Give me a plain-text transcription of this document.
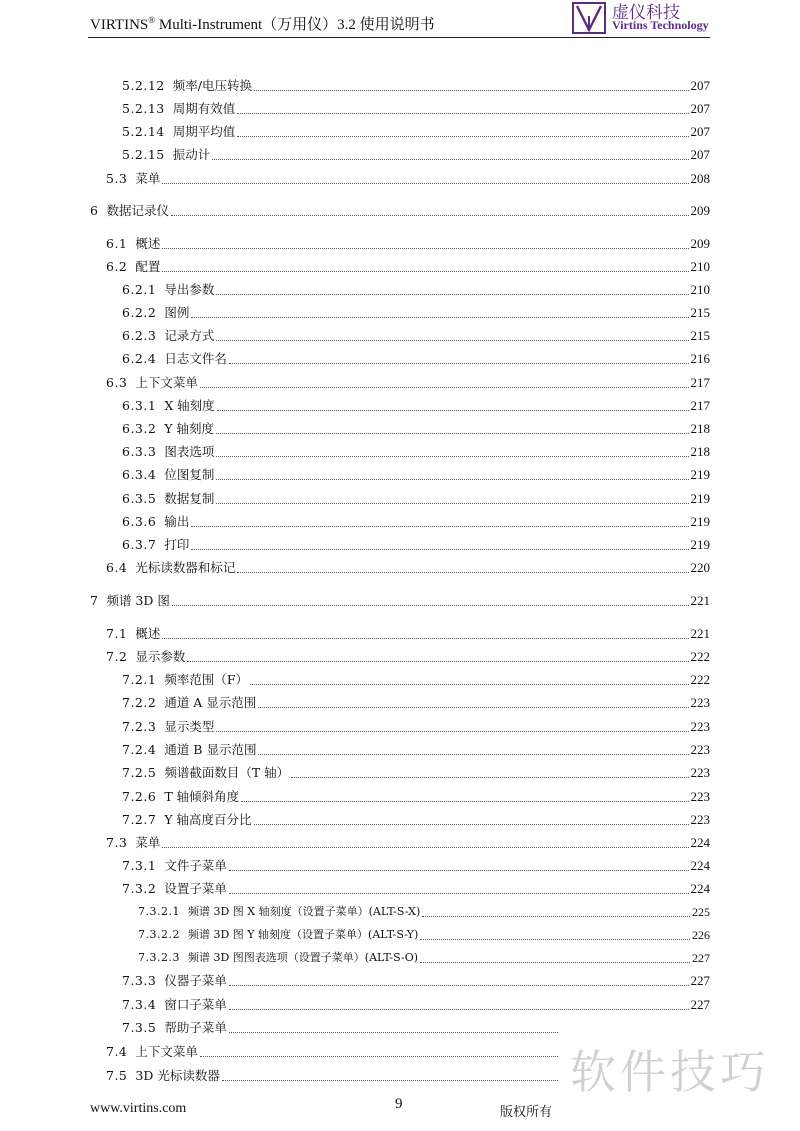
VIRTINS® Multi-Instrument（万用仪）3.2 使用说明书
虚仪科技
Virtins Technology
5.2.12 频率/电压转换	207
5.2.13 周期有效值	207
5.2.14 周期平均值	207
5.2.15 振动计	207
5.3 菜单	208
6 数据记录仪	209
6.1 概述	209
6.2 配置	210
6.2.1 导出参数	210
6.2.2 图例	215
6.2.3 记录方式	215
6.2.4 日志文件名	216
6.3 上下文菜单	217
6.3.1 X 轴刻度	217
6.3.2 Y 轴刻度	218
6.3.3 图表选项	218
6.3.4 位图复制	219
6.3.5 数据复制	219
6.3.6 输出	219
6.3.7 打印	219
6.4 光标读数器和标记	220
7 频谱 3D 图	221
7.1 概述	221
7.2 显示参数	222
7.2.1 频率范围（F）	222
7.2.2 通道 A 显示范围	223
7.2.3 显示类型	223
7.2.4 通道 B 显示范围	223
7.2.5 频谱截面数目（T 轴）	223
7.2.6 T 轴倾斜角度	223
7.2.7 Y 轴高度百分比	223
7.3 菜单	224
7.3.1 文件子菜单	224
7.3.2 设置子菜单	224
7.3.2.1 频谱 3D 图 X 轴刻度（设置子菜单）(ALT-S-X)	225
7.3.2.2 频谱 3D 图 Y 轴刻度（设置子菜单）(ALT-S-Y)	226
7.3.2.3 频谱 3D 图图表选项（设置子菜单）(ALT-S-O)	227
7.3.3 仪器子菜单	227
7.3.4 窗口子菜单	227
7.3.5 帮助子菜单
7.4 上下文菜单
7.5 3D 光标读数器
www.virtins.com	9
版权所有
软件技巧
